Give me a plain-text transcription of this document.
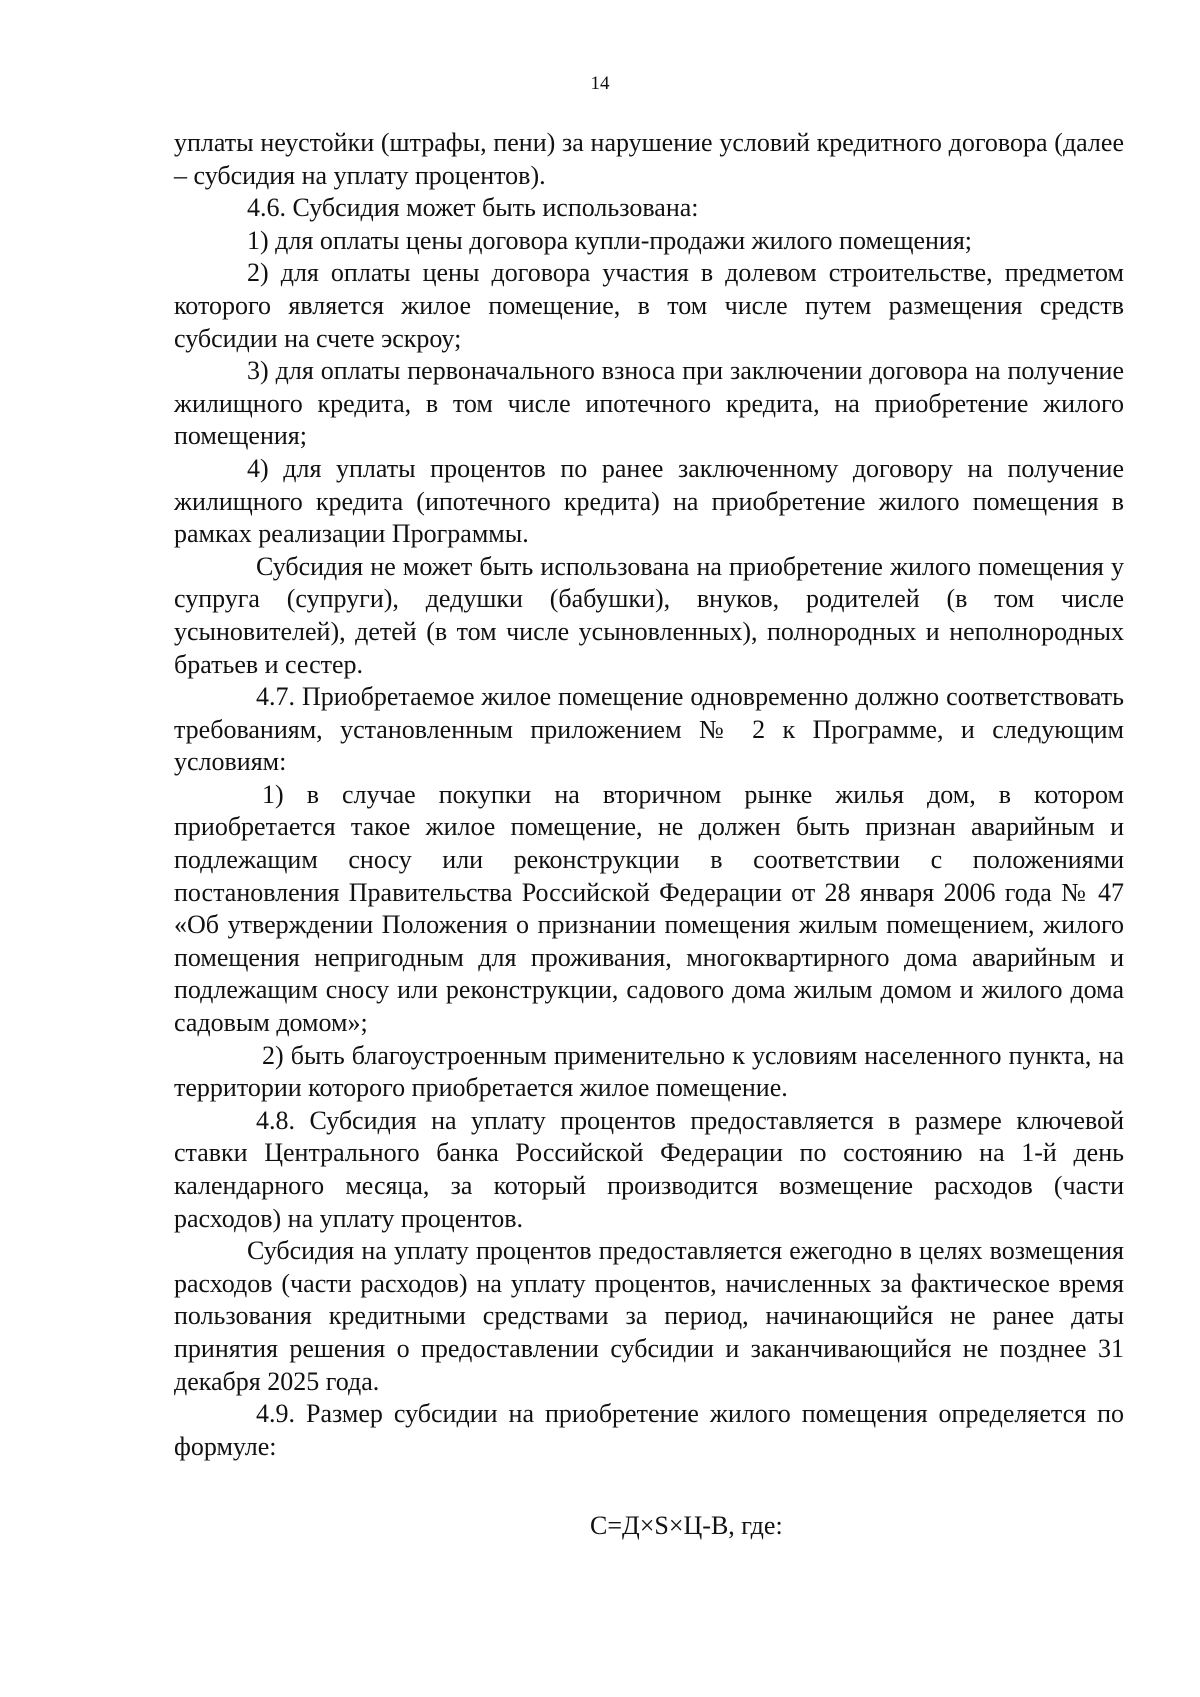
14

уплаты неустойки (штрафы, пени) за нарушение условий кредитного договора (далее – субсидия на уплату процентов).

4.6. Субсидия может быть использована:

1) для оплаты цены договора купли-продажи жилого помещения;

2) для оплаты цены договора участия в долевом строительстве, предметом которого является жилое помещение, в том числе путем размещения средств субсидии на счете эскроу;

3) для оплаты первоначального взноса при заключении договора на получение жилищного кредита, в том числе ипотечного кредита, на приобретение жилого помещения;

4) для уплаты процентов по ранее заключенному договору на получение жилищного кредита (ипотечного кредита) на приобретение жилого помещения в рамках реализации Программы.

Субсидия не может быть использована на приобретение жилого помещения у супруга (супруги), дедушки (бабушки), внуков, родителей (в том числе усыновителей), детей (в том числе усыновленных), полнородных и неполнородных братьев и сестер.

4.7. Приобретаемое жилое помещение одновременно должно соответствовать требованиям, установленным приложением № 2 к Программе, и следующим условиям:

1) в случае покупки на вторичном рынке жилья дом, в котором приобретается такое жилое помещение, не должен быть признан аварийным и подлежащим сносу или реконструкции в соответствии с положениями постановления Правительства Российской Федерации от 28 января 2006 года № 47 «Об утверждении Положения о признании помещения жилым помещением, жилого помещения непригодным для проживания, многоквартирного дома аварийным и подлежащим сносу или реконструкции, садового дома жилым домом и жилого дома садовым домом»;

2) быть благоустроенным применительно к условиям населенного пункта, на территории которого приобретается жилое помещение.

4.8. Субсидия на уплату процентов предоставляется в размере ключевой ставки Центрального банка Российской Федерации по состоянию на 1-й день календарного месяца, за который производится возмещение расходов (части расходов) на уплату процентов.

Субсидия на уплату процентов предоставляется ежегодно в целях возмещения расходов (части расходов) на уплату процентов, начисленных за фактическое время пользования кредитными средствами за период, начинающийся не ранее даты принятия решения о предоставлении субсидии и заканчивающийся не позднее 31 декабря 2025 года.

4.9. Размер субсидии на приобретение жилого помещения определяется по формуле:

С=Д×S×Ц-В, где:
